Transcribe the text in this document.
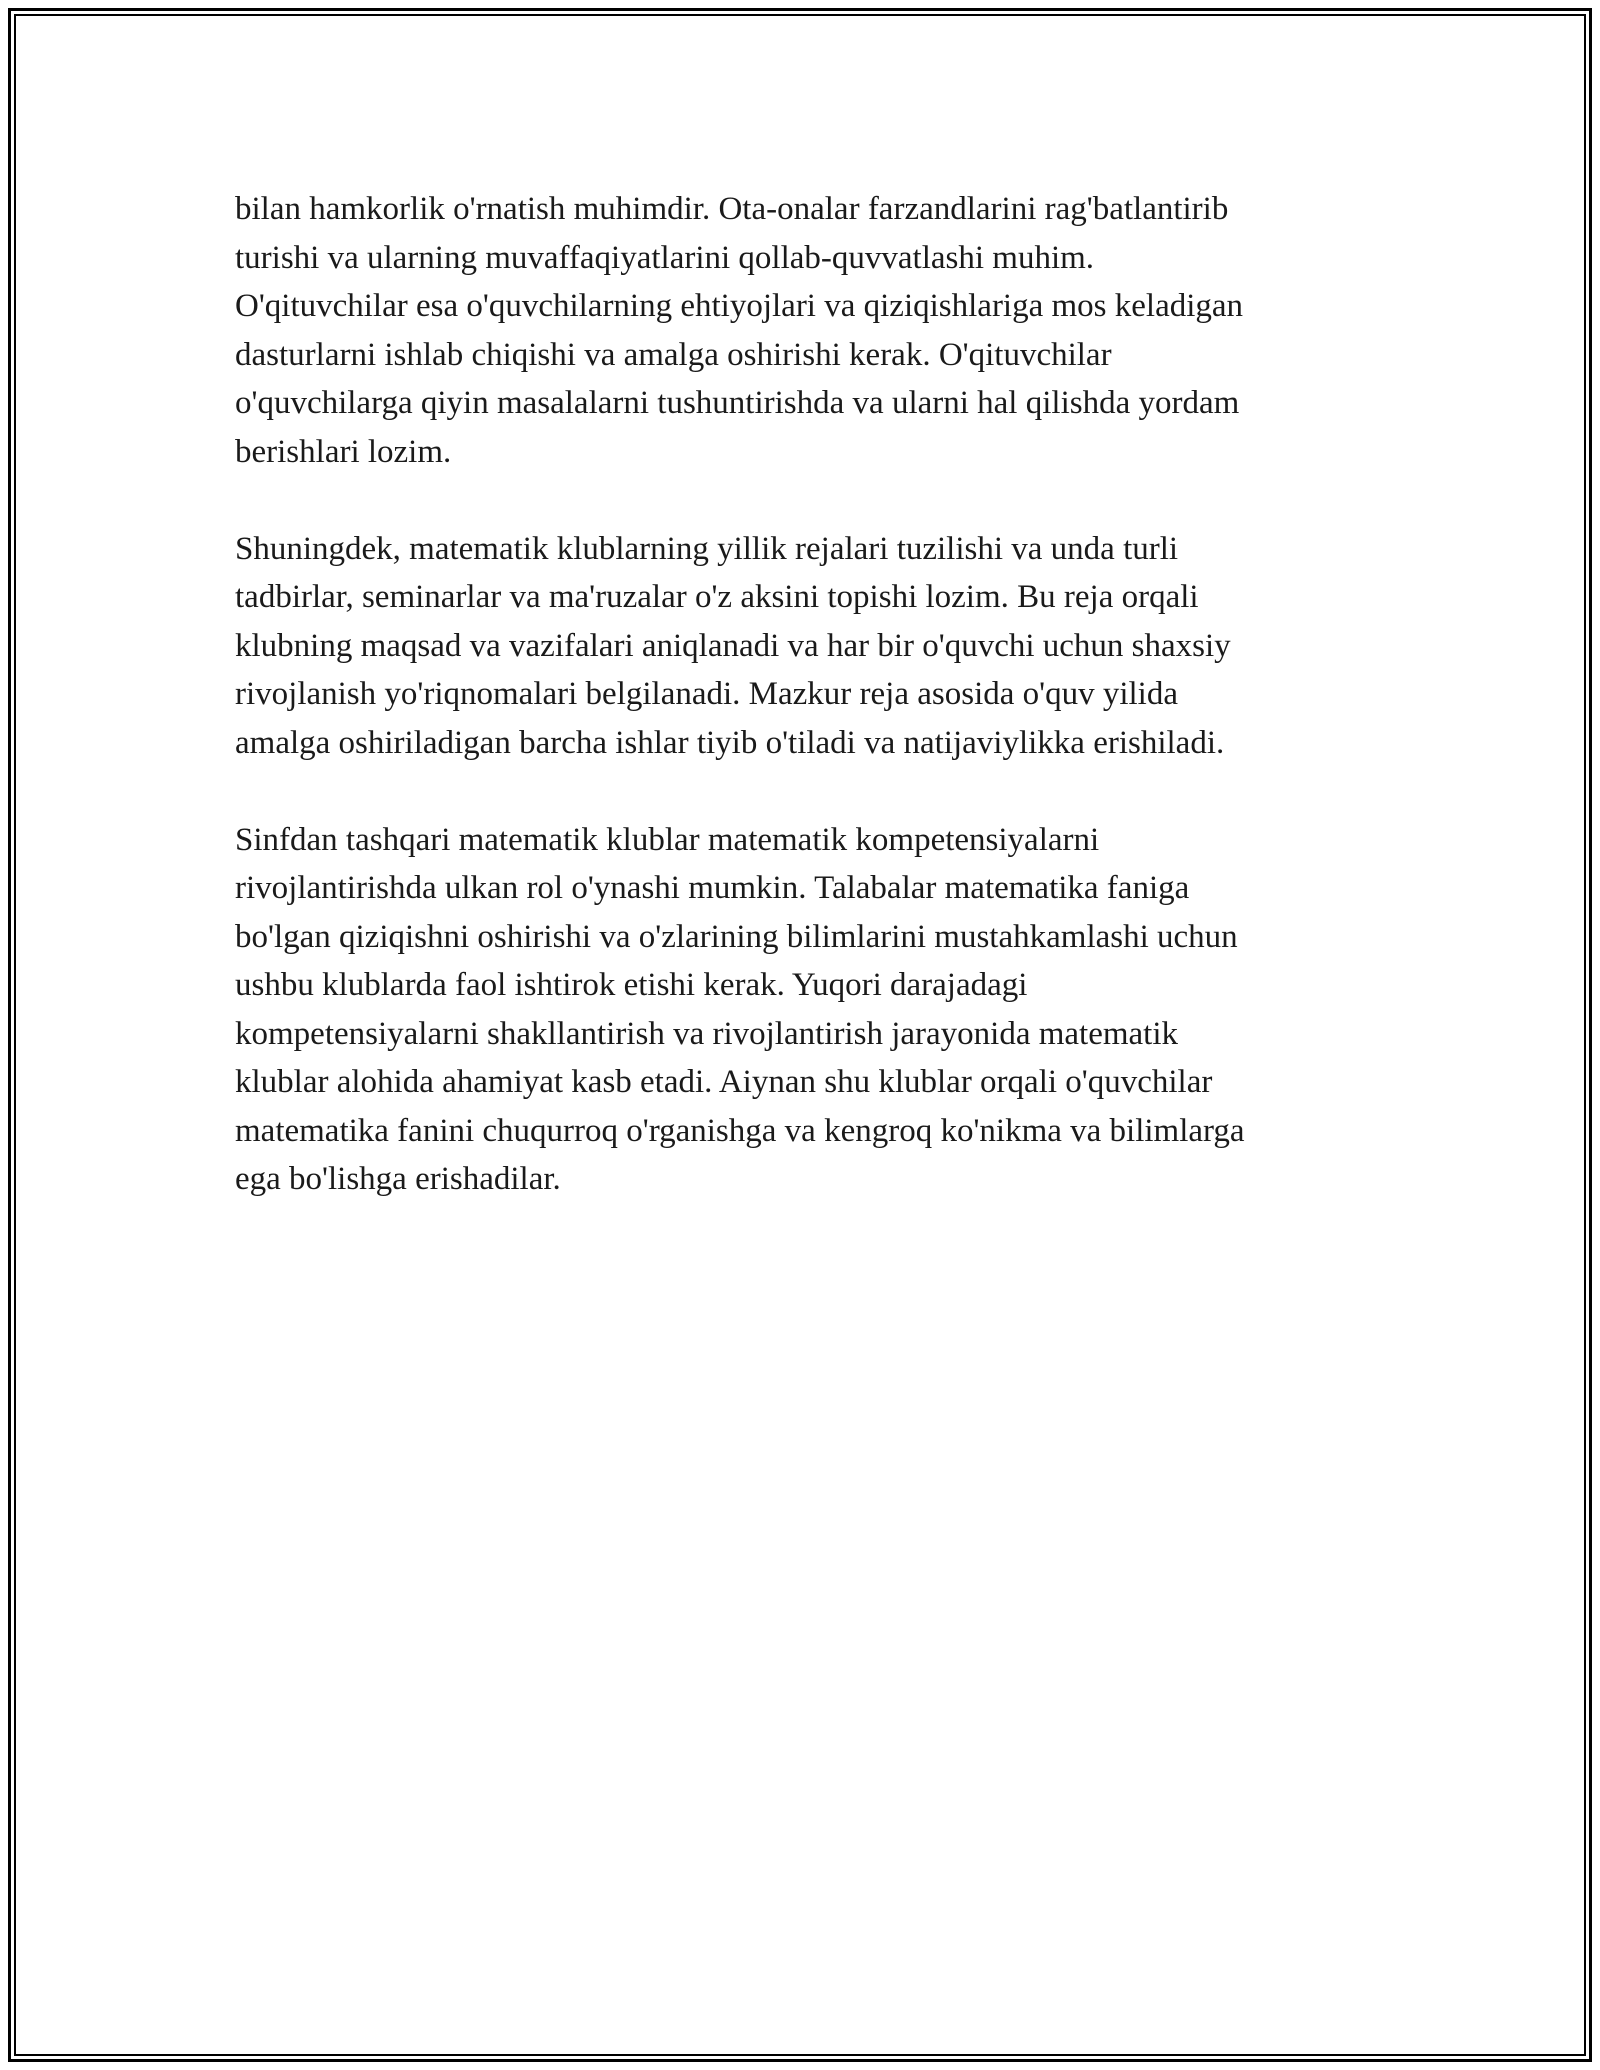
bilan hamkorlik o'rnatish muhimdir. Ota-onalar farzandlarini rag'batlantirib
turishi va ularning muvaffaqiyatlarini qollab-quvvatlashi muhim.
O'qituvchilar esa o'quvchilarning ehtiyojlari va qiziqishlariga mos keladigan
dasturlarni ishlab chiqishi va amalga oshirishi kerak. O'qituvchilar
o'quvchilarga qiyin masalalarni tushuntirishda va ularni hal qilishda yordam
berishlari lozim.

Shuningdek, matematik klublarning yillik rejalari tuzilishi va unda turli
tadbirlar, seminarlar va ma'ruzalar o'z aksini topishi lozim. Bu reja orqali
klubning maqsad va vazifalari aniqlanadi va har bir o'quvchi uchun shaxsiy
rivojlanish yo'riqnomalari belgilanadi. Mazkur reja asosida o'quv yilida
amalga oshiriladigan barcha ishlar tiyib o'tiladi va natijaviylikka erishiladi.

Sinfdan tashqari matematik klublar matematik kompetensiyalarni
rivojlantirishda ulkan rol o'ynashi mumkin. Talabalar matematika faniga
bo'lgan qiziqishni oshirishi va o'zlarining bilimlarini mustahkamlashi uchun
ushbu klublarda faol ishtirok etishi kerak. Yuqori darajadagi
kompetensiyalarni shakllantirish va rivojlantirish jarayonida matematik
klublar alohida ahamiyat kasb etadi. Aiynan shu klublar orqali o'quvchilar
matematika fanini chuqurroq o'rganishga va kengroq ko'nikma va bilimlarga
ega bo'lishga erishadilar.
